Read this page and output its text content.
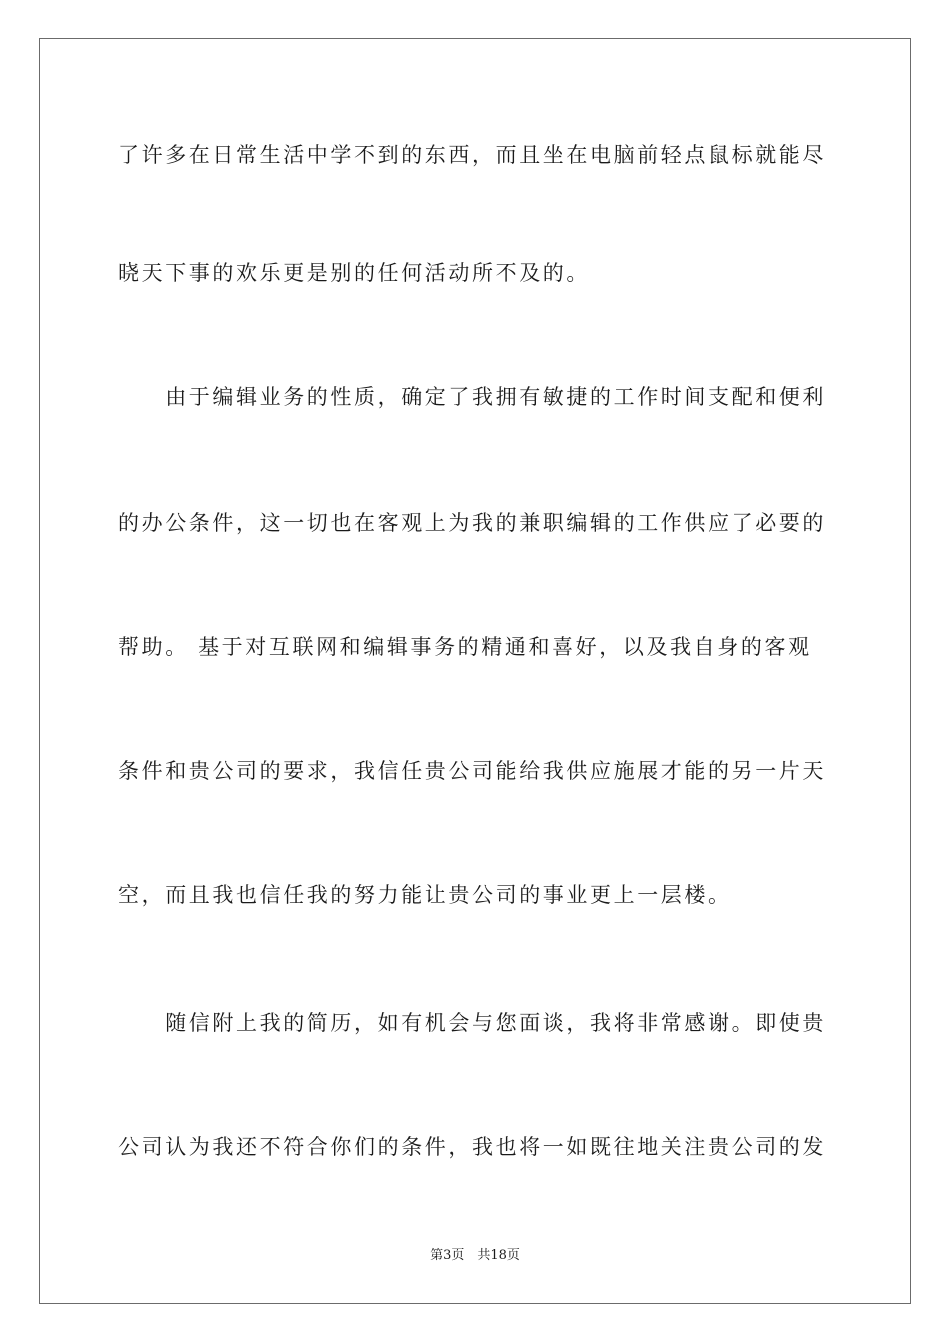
了许多在日常生活中学不到的东西，而且坐在电脑前轻点鼠标就能尽
晓天下事的欢乐更是别的任何活动所不及的。
　　由于编辑业务的性质，确定了我拥有敏捷的工作时间支配和便利
的办公条件，这一切也在客观上为我的兼职编辑的工作供应了必要的
帮助。 基于对互联网和编辑事务的精通和喜好，以及我自身的客观
条件和贵公司的要求，我信任贵公司能给我供应施展才能的另一片天
空，而且我也信任我的努力能让贵公司的事业更上一层楼。
　　随信附上我的简历，如有机会与您面谈，我将非常感谢。即使贵
公司认为我还不符合你们的条件，我也将一如既往地关注贵公司的发
第3页　共18页
